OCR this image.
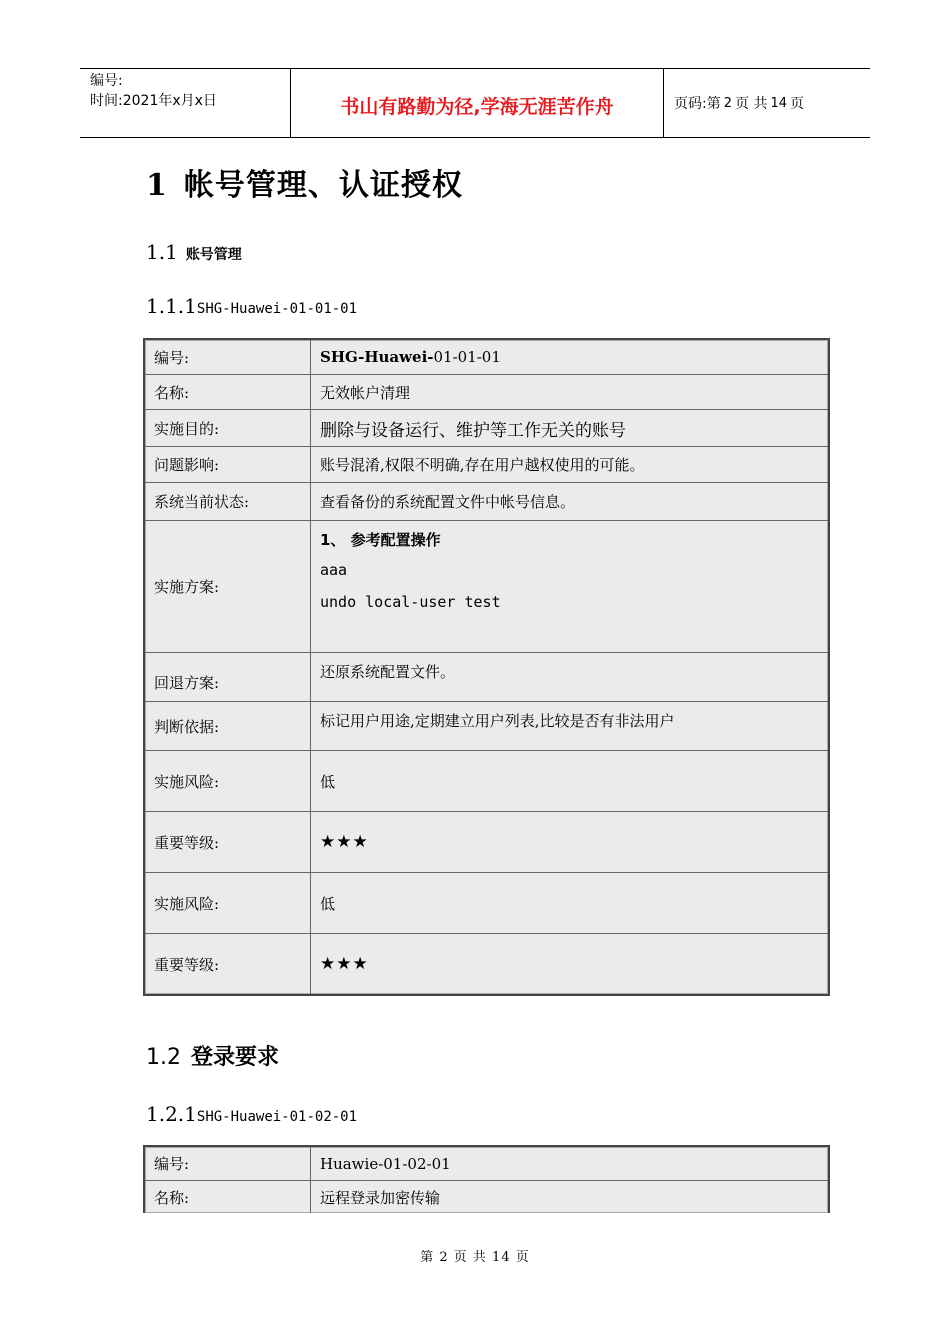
编号:
时间:2021年x月x日	书山有路勤为径,学海无涯苦作舟	页码:第 2 页 共 14 页
1 帐号管理、认证授权
1.1 账号管理
1.1.1SHG-Huawei-01-01-01
编号:	SHG-Huawei- 01-01-01
名称:	无效帐户清理
实施目的:	删除与设备运行、维护等工作无关的账号
问题影响:	账号混淆,权限不明确,存在用户越权使用的可能。
系统当前状态:	查看备份的系统配置文件中帐号信息。
实施方案:
1、 参考配置操作
aaa
undo local-user test
回退方案:
还原系统配置文件。
判断依据:	标记用户用途,定期建立用户列表,比较是否有非法用户
实施风险:	低
重要等级:	★★★
实施风险:	低
重要等级:	★★★
1.2 登录要求
1.2.1SHG-Huawei-01-02-01
编号:	Huawie-01-02-01
名称:	远程登录加密传输
第 2 页 共 14 页
